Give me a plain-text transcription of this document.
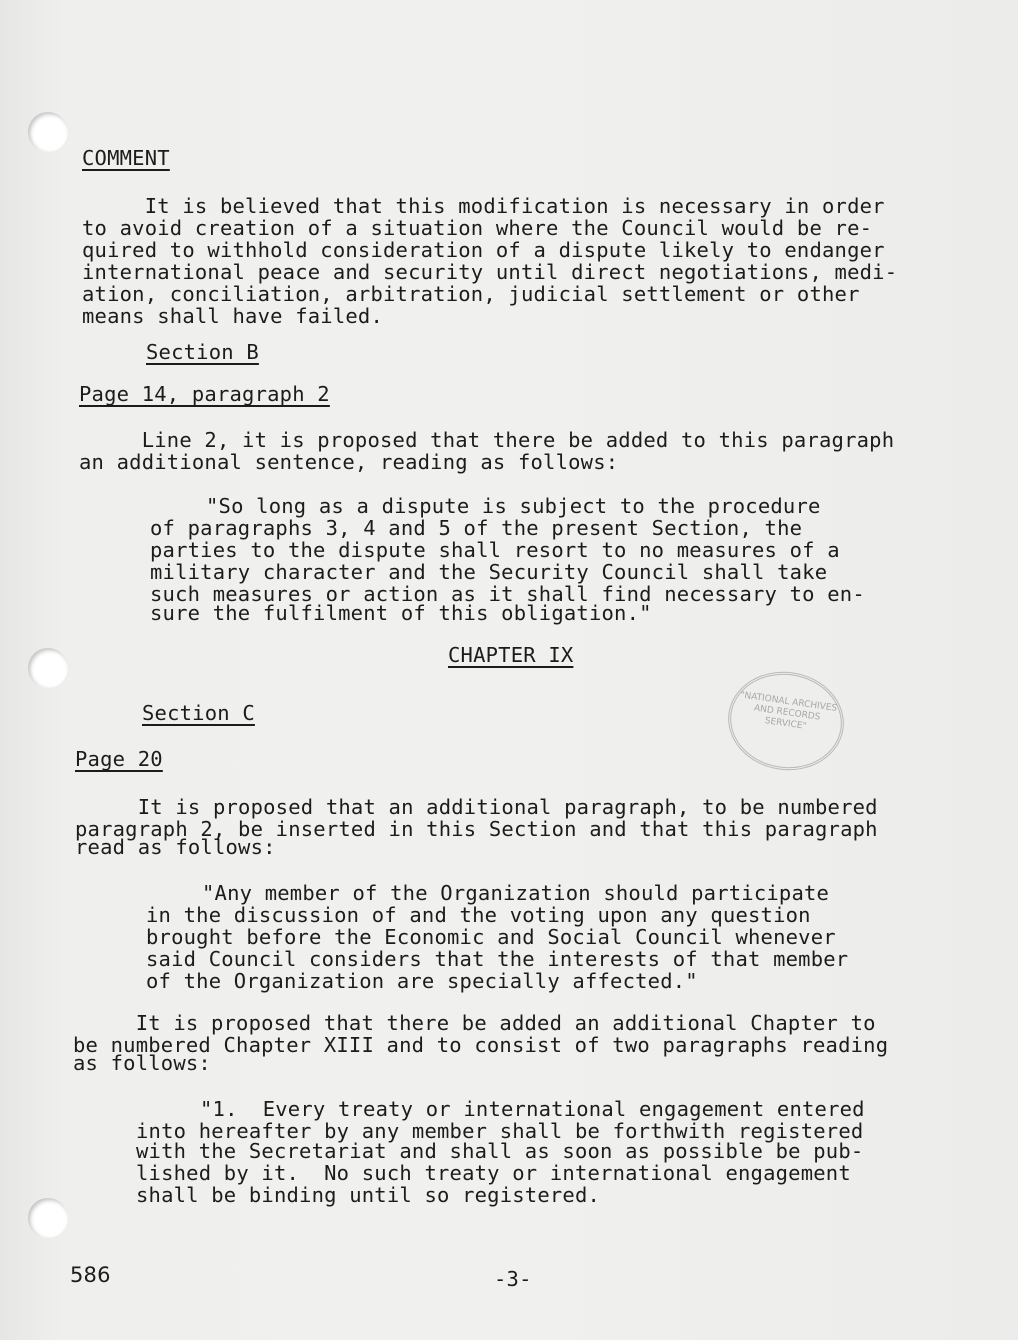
COMMENT

It is believed that this modification is necessary in order

to avoid creation of a situation where the Council would be re-

quired to withhold consideration of a dispute likely to endanger

international peace and security until direct negotiations, medi-

ation, conciliation, arbitration, judicial settlement or other

means shall have failed.

Section B

Page 14, paragraph 2

Line 2, it is proposed that there be added to this paragraph

an additional sentence, reading as follows:

"So long as a dispute is subject to the procedure

of paragraphs 3, 4 and 5 of the present Section, the

parties to the dispute shall resort to no measures of a

military character and the Security Council shall take

such measures or action as it shall find necessary to en-

sure the fulfilment of this obligation."

CHAPTER IX

Section C

Page 20

It is proposed that an additional paragraph, to be numbered

paragraph 2, be inserted in this Section and that this paragraph

read as follows:

"Any member of the Organization should participate

in the discussion of and the voting upon any question

brought before the Economic and Social Council whenever

said Council considers that the interests of that member

of the Organization are specially affected."

It is proposed that there be added an additional Chapter to

be numbered Chapter XIII and to consist of two paragraphs reading

as follows:

"1.  Every treaty or international engagement entered

into hereafter by any member shall be forthwith registered

with the Secretariat and shall as soon as possible be pub-

lished by it.  No such treaty or international engagement

shall be binding until so registered.

"NATIONAL ARCHIVES AND RECORDS SERVICE"

586	-3-
